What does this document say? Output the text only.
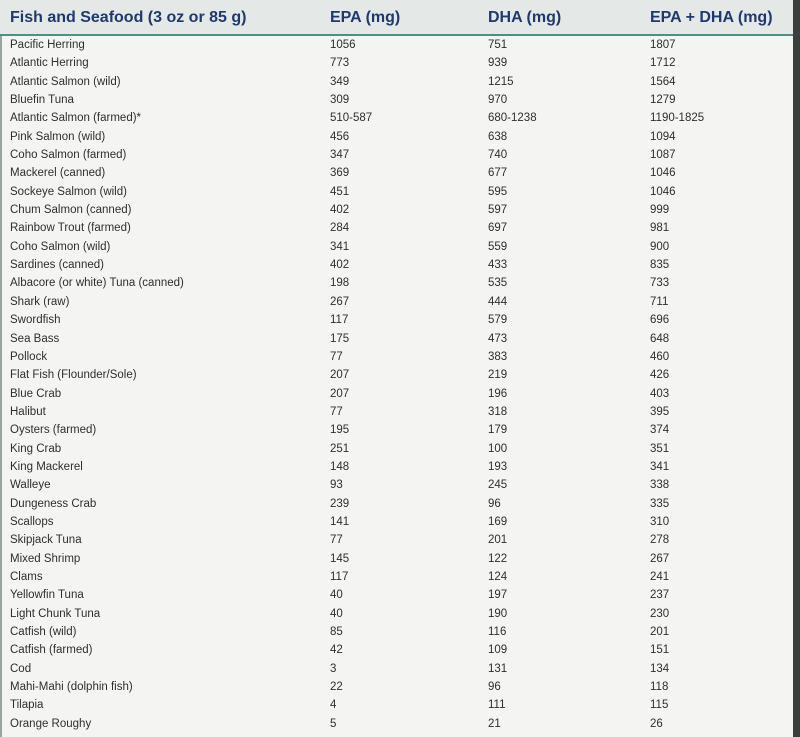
Fish and Seafood (3 oz or 85 g)	EPA (mg)	DHA (mg)	EPA + DHA (mg)
Pacific Herring	1056	751	1807
Atlantic Herring	773	939	1712
Atlantic Salmon (wild)	349	1215	1564
Bluefin Tuna	309	970	1279
Atlantic Salmon (farmed)*	510-587	680-1238	1190-1825
Pink Salmon (wild)	456	638	1094
Coho Salmon (farmed)	347	740	1087
Mackerel (canned)	369	677	1046
Sockeye Salmon (wild)	451	595	1046
Chum Salmon (canned)	402	597	999
Rainbow Trout (farmed)	284	697	981
Coho Salmon (wild)	341	559	900
Sardines (canned)	402	433	835
Albacore (or white) Tuna (canned)	198	535	733
Shark (raw)	267	444	711
Swordfish	117	579	696
Sea Bass	175	473	648
Pollock	77	383	460
Flat Fish (Flounder/Sole)	207	219	426
Blue Crab	207	196	403
Halibut	77	318	395
Oysters (farmed)	195	179	374
King Crab	251	100	351
King Mackerel	148	193	341
Walleye	93	245	338
Dungeness Crab	239	96	335
Scallops	141	169	310
Skipjack Tuna	77	201	278
Mixed Shrimp	145	122	267
Clams	117	124	241
Yellowfin Tuna	40	197	237
Light Chunk Tuna	40	190	230
Catfish (wild)	85	116	201
Catfish (farmed)	42	109	151
Cod	3	131	134
Mahi-Mahi (dolphin fish)	22	96	118
Tilapia	4	111	115
Orange Roughy	5	21	26
